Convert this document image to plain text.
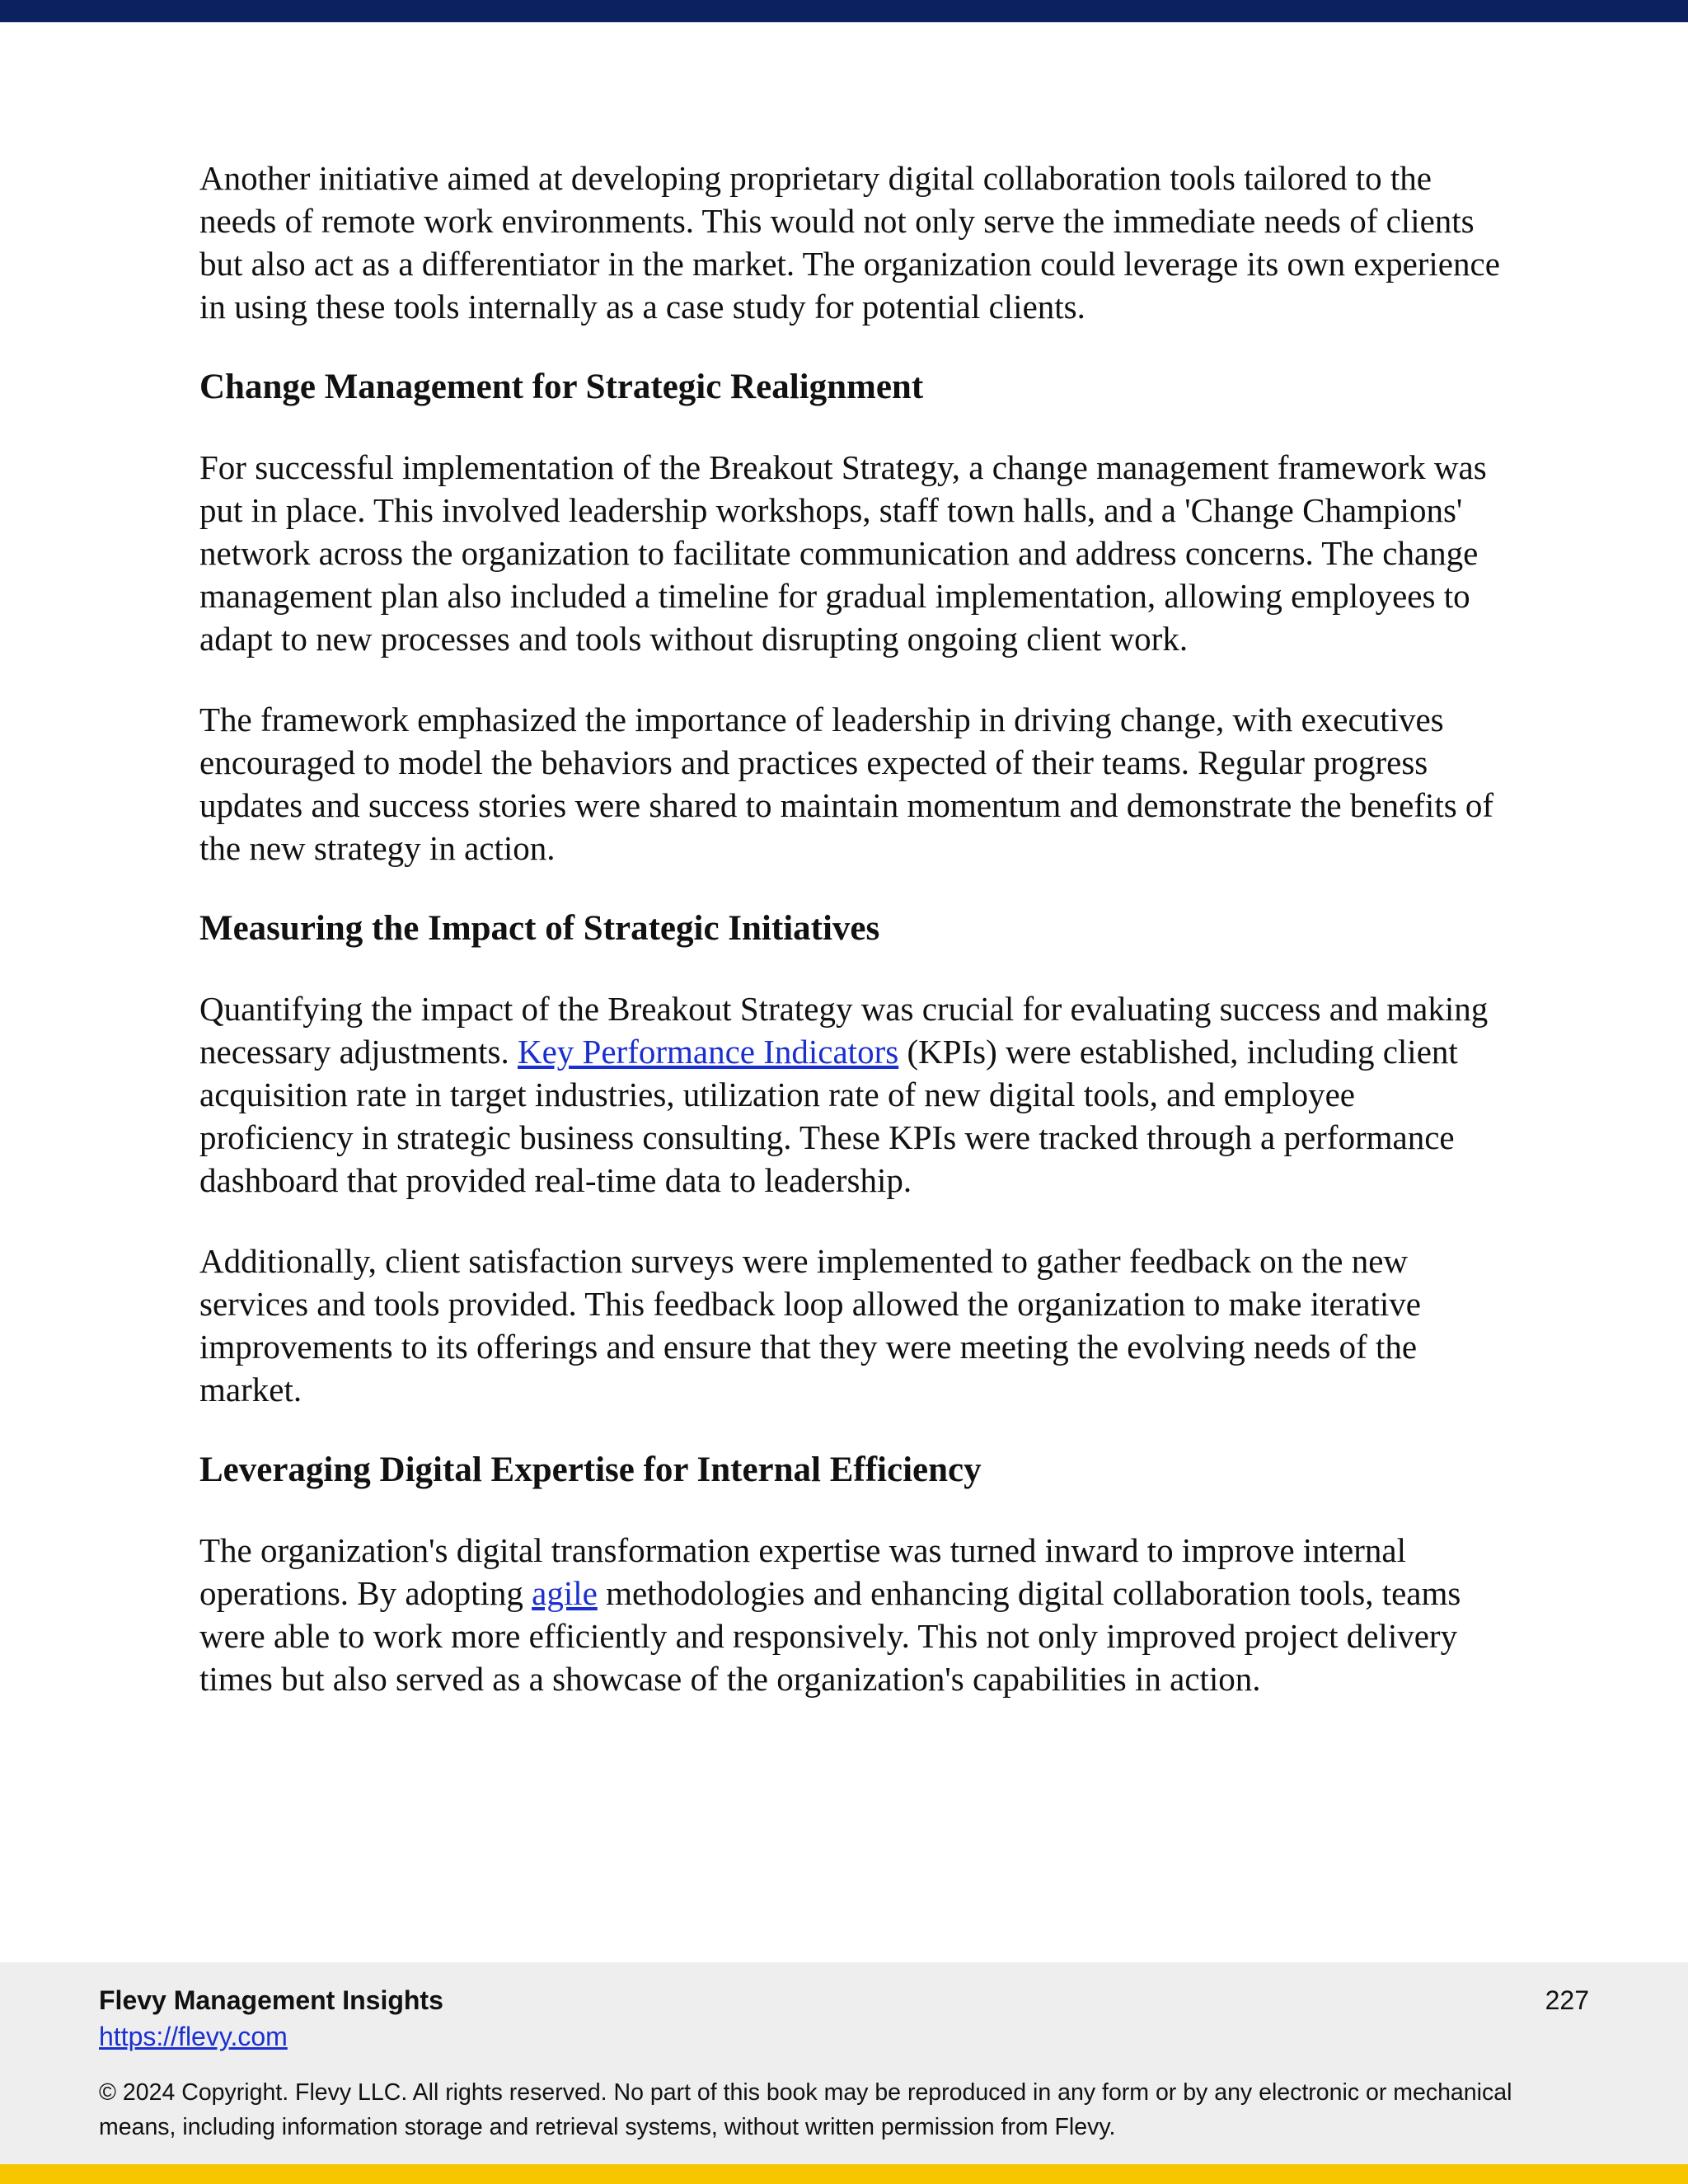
Another initiative aimed at developing proprietary digital collaboration tools tailored to the needs of remote work environments. This would not only serve the immediate needs of clients but also act as a differentiator in the market. The organization could leverage its own experience in using these tools internally as a case study for potential clients.

Change Management for Strategic Realignment

For successful implementation of the Breakout Strategy, a change management framework was put in place. This involved leadership workshops, staff town halls, and a 'Change Champions' network across the organization to facilitate communication and address concerns. The change management plan also included a timeline for gradual implementation, allowing employees to adapt to new processes and tools without disrupting ongoing client work.

The framework emphasized the importance of leadership in driving change, with executives encouraged to model the behaviors and practices expected of their teams. Regular progress updates and success stories were shared to maintain momentum and demonstrate the benefits of the new strategy in action.

Measuring the Impact of Strategic Initiatives

Quantifying the impact of the Breakout Strategy was crucial for evaluating success and making necessary adjustments. Key Performance Indicators (KPIs) were established, including client acquisition rate in target industries, utilization rate of new digital tools, and employee proficiency in strategic business consulting. These KPIs were tracked through a performance dashboard that provided real-time data to leadership.

Additionally, client satisfaction surveys were implemented to gather feedback on the new services and tools provided. This feedback loop allowed the organization to make iterative improvements to its offerings and ensure that they were meeting the evolving needs of the market.

Leveraging Digital Expertise for Internal Efficiency

The organization's digital transformation expertise was turned inward to improve internal operations. By adopting agile methodologies and enhancing digital collaboration tools, teams were able to work more efficiently and responsively. This not only improved project delivery times but also served as a showcase of the organization's capabilities in action.

Flevy Management Insights
https://flevy.com
227
© 2024 Copyright. Flevy LLC. All rights reserved. No part of this book may be reproduced in any form or by any electronic or mechanical means, including information storage and retrieval systems, without written permission from Flevy.
